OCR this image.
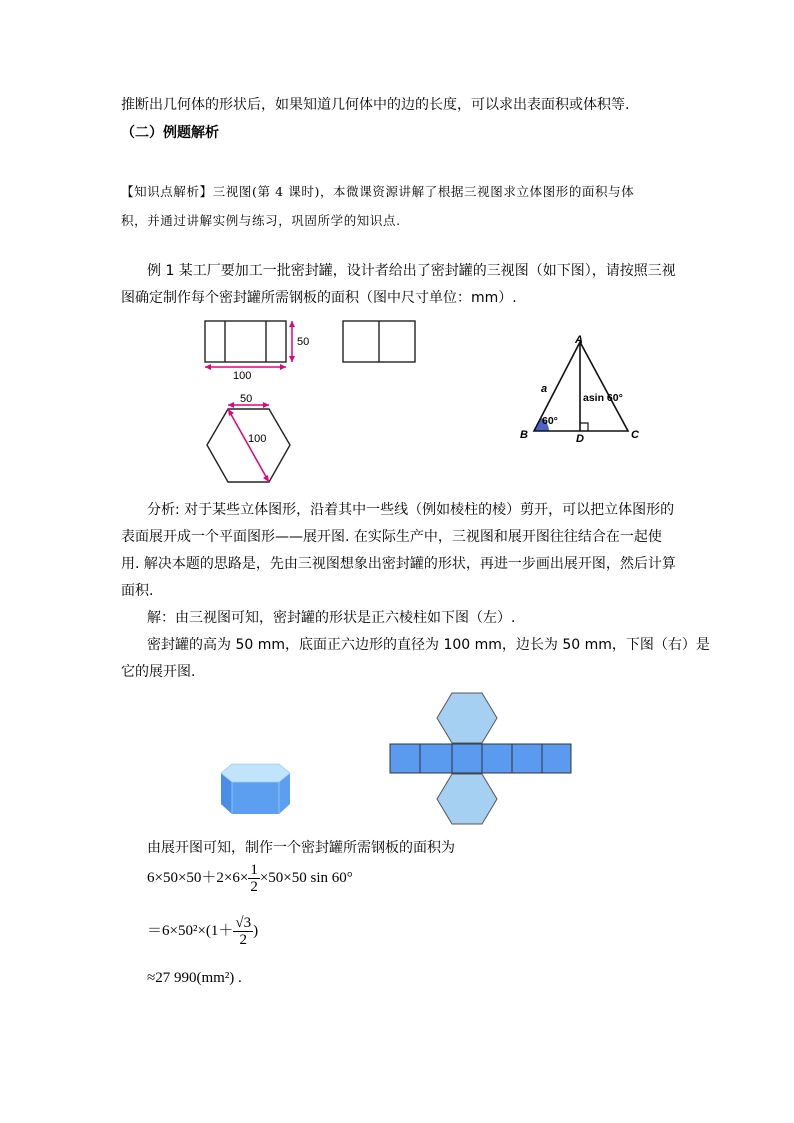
推断出几何体的形状后，如果知道几何体中的边的长度，可以求出表面积或体积等.
（二）例题解析
【知识点解析】三视图(第 4 课时)，本微课资源讲解了根据三视图求立体图形的面积与体
积，并通过讲解实例与练习，巩固所学的知识点.
例 1 某工厂要加工一批密封罐，设计者给出了密封罐的三视图（如下图），请按照三视
图确定制作每个密封罐所需钢板的面积（图中尺寸单位：mm）.
50
100
50
100
A
B	C
D
a
asin 60°
60°
分析: 对于某些立体图形，沿着其中一些线（例如棱柱的棱）剪开，可以把立体图形的
表面展开成一个平面图形——展开图. 在实际生产中，三视图和展开图往往结合在一起使
用. 解决本题的思路是，先由三视图想象出密封罐的形状，再进一步画出展开图，然后计算
面积.
解：由三视图可知，密封罐的形状是正六棱柱如下图（左）.
密封罐的高为 50 mm，底面正六边形的直径为 100 mm，边长为 50 mm，下图（右）是
它的展开图.
由展开图可知，制作一个密封罐所需钢板的面积为
$6\times 50\times 50+2\times 6\times \frac{1}{2} \times 50\times 50$ sin 60°
$=6\times 50^2\times(1+ \frac{√3}{2}$ )
≈27 990(mm²) .
